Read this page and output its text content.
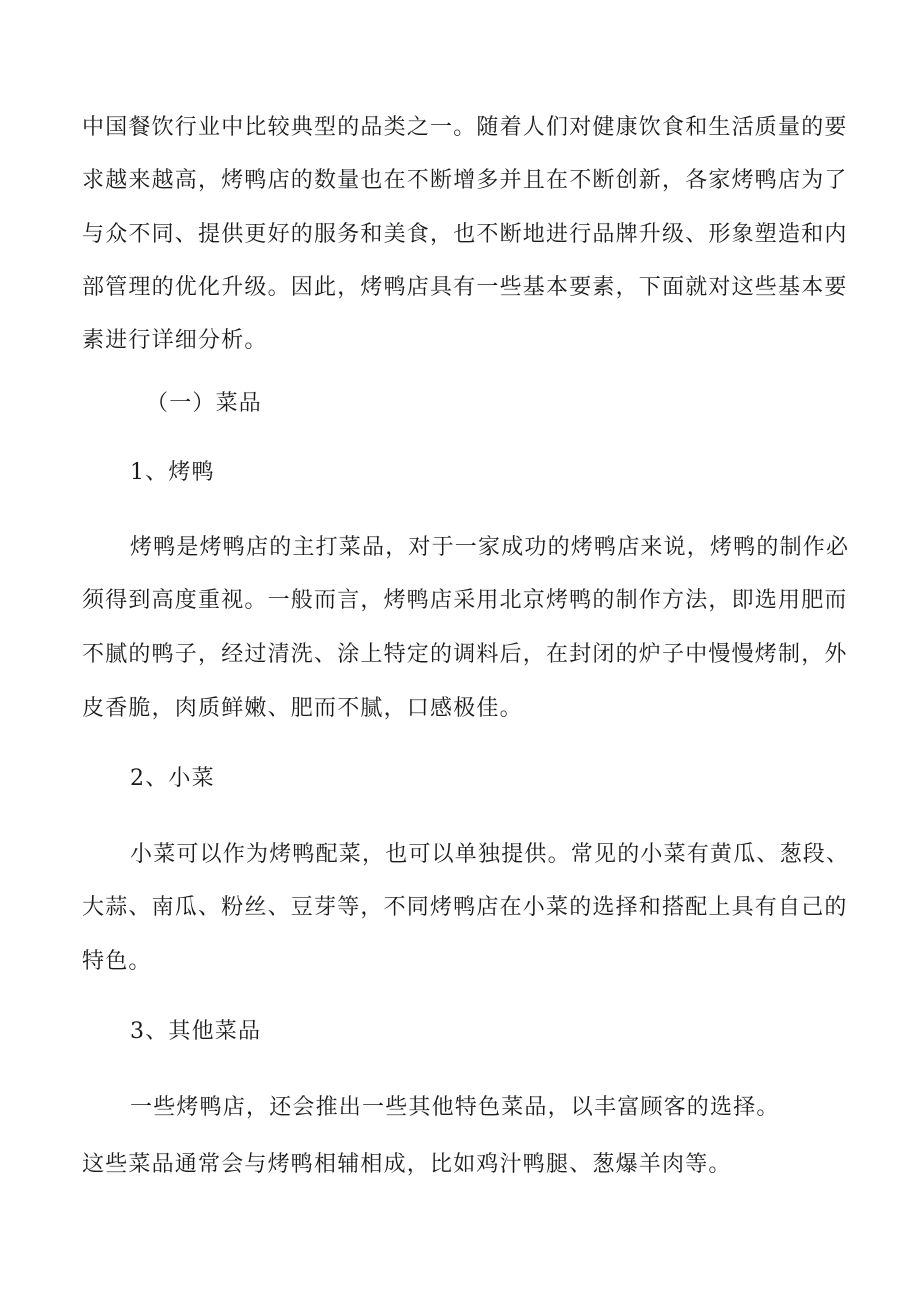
中国餐饮行业中比较典型的品类之一。随着人们对健康饮食和生活质量的要
求越来越高，烤鸭店的数量也在不断增多并且在不断创新，各家烤鸭店为了
与众不同、提供更好的服务和美食，也不断地进行品牌升级、形象塑造和内
部管理的优化升级。因此，烤鸭店具有一些基本要素，下面就对这些基本要
素进行详细分析。
（一）菜品
1、烤鸭
烤鸭是烤鸭店的主打菜品，对于一家成功的烤鸭店来说，烤鸭的制作必
须得到高度重视。一般而言，烤鸭店采用北京烤鸭的制作方法，即选用肥而
不腻的鸭子，经过清洗、涂上特定的调料后，在封闭的炉子中慢慢烤制，外
皮香脆，肉质鲜嫩、肥而不腻，口感极佳。
2、小菜
小菜可以作为烤鸭配菜，也可以单独提供。常见的小菜有黄瓜、葱段、
大蒜、南瓜、粉丝、豆芽等，不同烤鸭店在小菜的选择和搭配上具有自己的
特色。
3、其他菜品
一些烤鸭店，还会推出一些其他特色菜品，以丰富顾客的选择。
这些菜品通常会与烤鸭相辅相成，比如鸡汁鸭腿、葱爆羊肉等。
